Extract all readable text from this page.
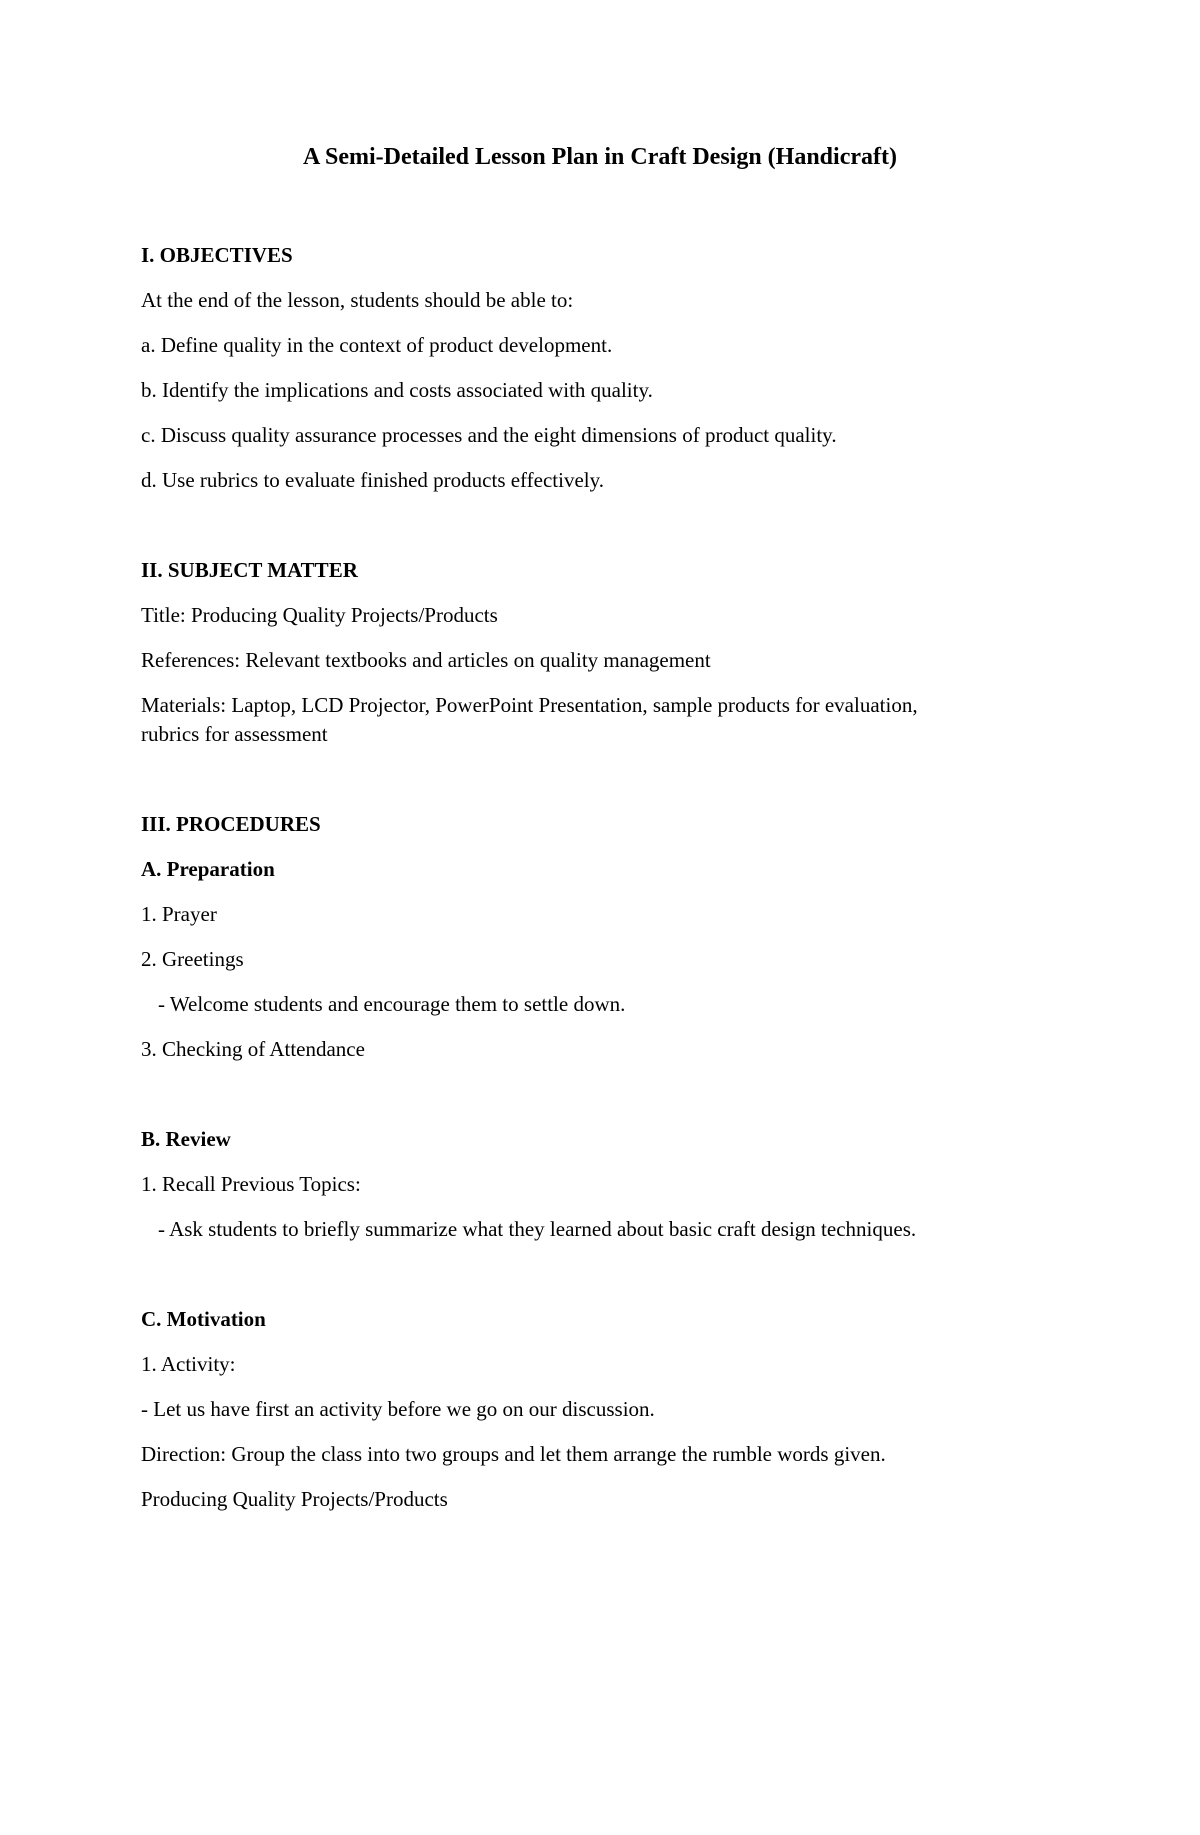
A Semi-Detailed Lesson Plan in Craft Design (Handicraft)
I. OBJECTIVES
At the end of the lesson, students should be able to:
a. Define quality in the context of product development.
b. Identify the implications and costs associated with quality.
c. Discuss quality assurance processes and the eight dimensions of product quality.
d. Use rubrics to evaluate finished products effectively.
II. SUBJECT MATTER
Title: Producing Quality Projects/Products
References: Relevant textbooks and articles on quality management
Materials: Laptop, LCD Projector, PowerPoint Presentation, sample products for evaluation,
rubrics for assessment
III. PROCEDURES
A. Preparation
1. Prayer
2. Greetings
- Welcome students and encourage them to settle down.
3. Checking of Attendance
B. Review
1. Recall Previous Topics:
- Ask students to briefly summarize what they learned about basic craft design techniques.
C. Motivation
1. Activity:
- Let us have first an activity before we go on our discussion.
Direction: Group the class into two groups and let them arrange the rumble words given.
Producing Quality Projects/Products
